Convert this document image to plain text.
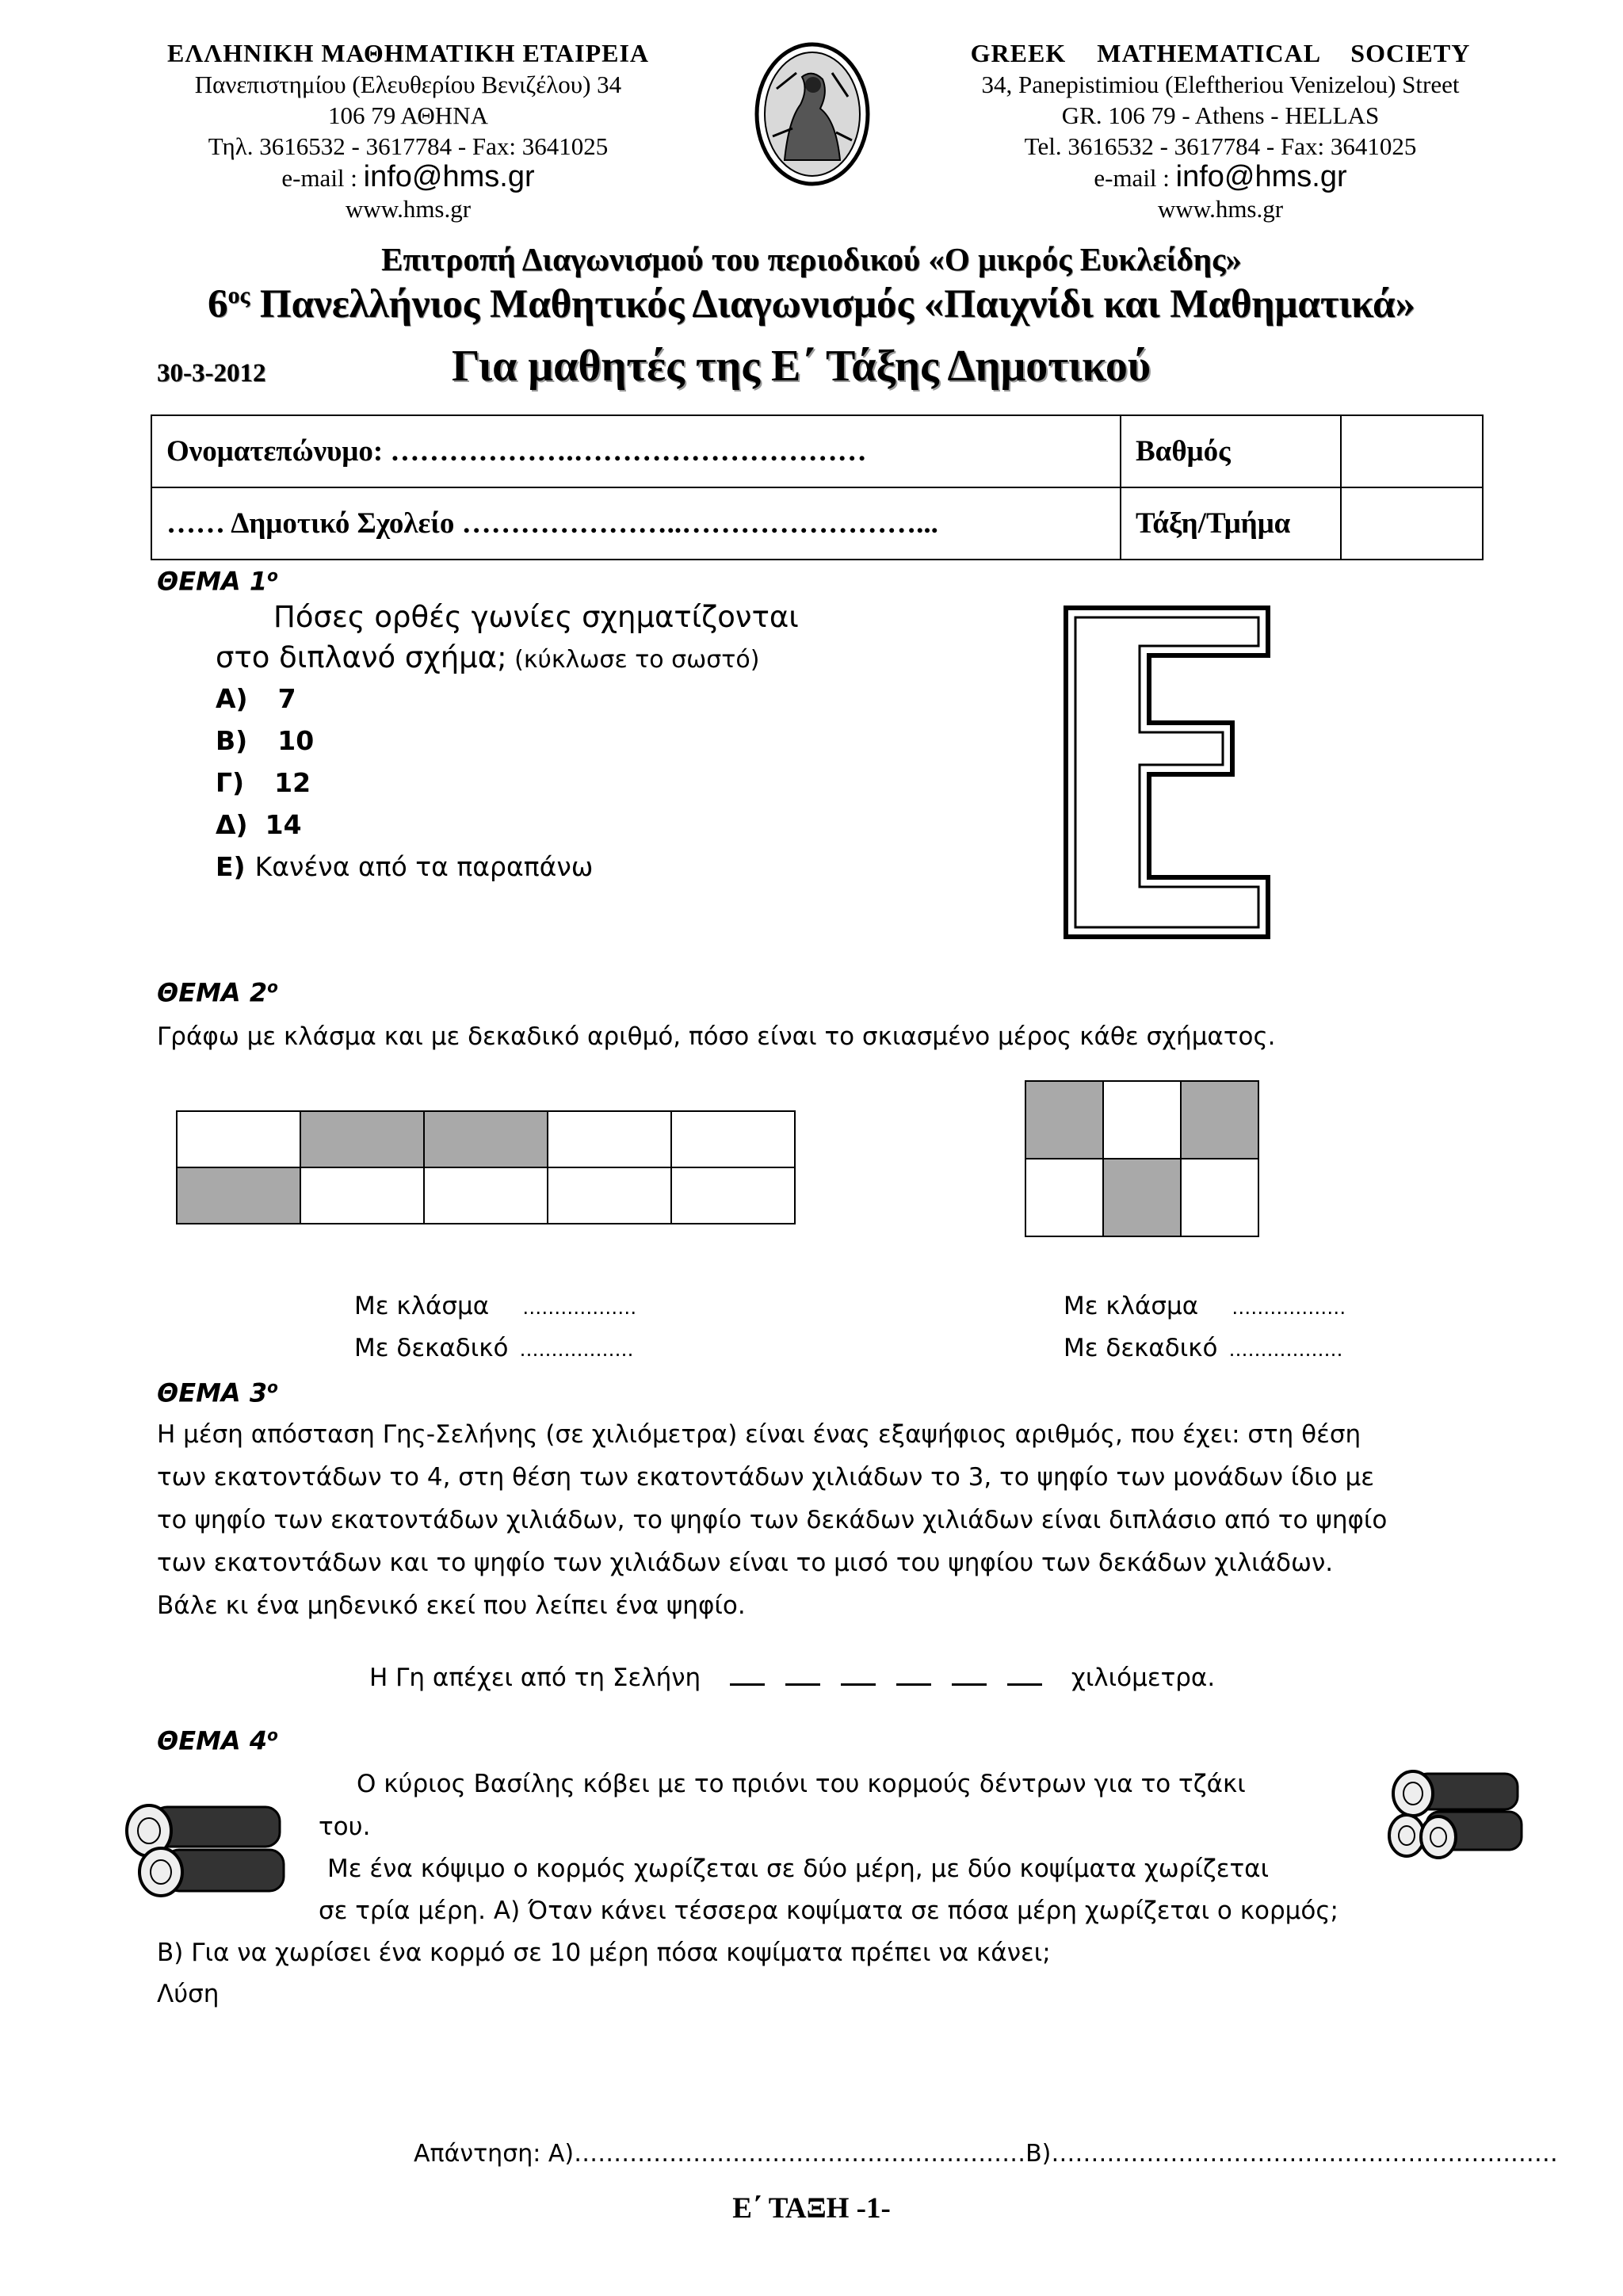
ΕΛΛΗΝΙΚΗ ΜΑΘΗΜΑΤΙΚΗ ΕΤΑΙΡΕΙΑ
Πανεπιστημίου (Ελευθερίου Βενιζέλου) 34
106 79 ΑΘΗΝΑ
Τηλ. 3616532 - 3617784 - Fax: 3641025
e-mail : info@hms.gr
www.hms.gr
GREEK MATHEMATICAL SOCIETY
34, Panepistimiou (Eleftheriou Venizelou) Street
GR. 106 79 - Athens - HELLAS
Tel. 3616532 - 3617784 - Fax: 3641025
e-mail : info@hms.gr
www.hms.gr
Επιτροπή Διαγωνισμού του περιοδικού «Ο μικρός Ευκλείδης»
$6^{o\varsigma}$ Πανελλήνιος Μαθητικός Διαγωνισμός «Παιχνίδι και Μαθηματικά»
30-3-2012	Για μαθητές της Ε΄ Τάξης Δημοτικού
Ονοματεπώνυμο: ……………….…………………………	Βαθμός	
…… Δημοτικό Σχολείο …………………..……………………...	Τάξη/Τμήμα	
ΘΕΜΑ $1^o$
Πόσες ορθές γωνίες σχηματίζονται
στο διπλανό σχήμα; (κύκλωσε το σωστό)
Α) 7
Β) 10
Γ) 12
Δ) 14
Ε) Κανένα από τα παραπάνω
ΘΕΜΑ $2^o$
Γράφω με κλάσμα και με δεκαδικό αριθμό, πόσο είναι το σκιασμένο μέρος κάθε σχήματος.

Με κλάσμα ………………
Με δεκαδικό ………………
Με κλάσμα ………………
Με δεκαδικό ………………
ΘΕΜΑ $3^o$
Η μέση απόσταση Γης-Σελήνης (σε χιλιόμετρα) είναι ένας εξαψήφιος αριθμός, που έχει: στη θέση
των εκατοντάδων το 4, στη θέση των εκατοντάδων χιλιάδων το 3, το ψηφίο των μονάδων ίδιο με
το ψηφίο των εκατοντάδων χιλιάδων, το ψηφίο των δεκάδων χιλιάδων είναι διπλάσιο από το ψηφίο
των εκατοντάδων και το ψηφίο των χιλιάδων είναι το μισό του ψηφίου των δεκάδων χιλιάδων.
Βάλε κι ένα μηδενικό εκεί που λείπει ένα ψηφίο.
Η Γη απέχει από τη Σελήνη	χιλιόμετρα.
ΘΕΜΑ $4^o$
Ο κύριος Βασίλης κόβει με το πριόνι του κορμούς δέντρων για το τζάκι
του.
Με ένα κόψιμο ο κορμός χωρίζεται σε δύο μέρη, με δύο κοψίματα χωρίζεται
σε τρία μέρη. Α) Όταν κάνει τέσσερα κοψίματα σε πόσα μέρη χωρίζεται ο κορμός;
Β) Για να χωρίσει ένα κορμό σε 10 μέρη πόσα κοψίματα πρέπει να κάνει;
Λύση
Απάντηση: Α)…………………………………………………Β)………………………………………………….……
Ε΄ ΤΑΞΗ -1-
